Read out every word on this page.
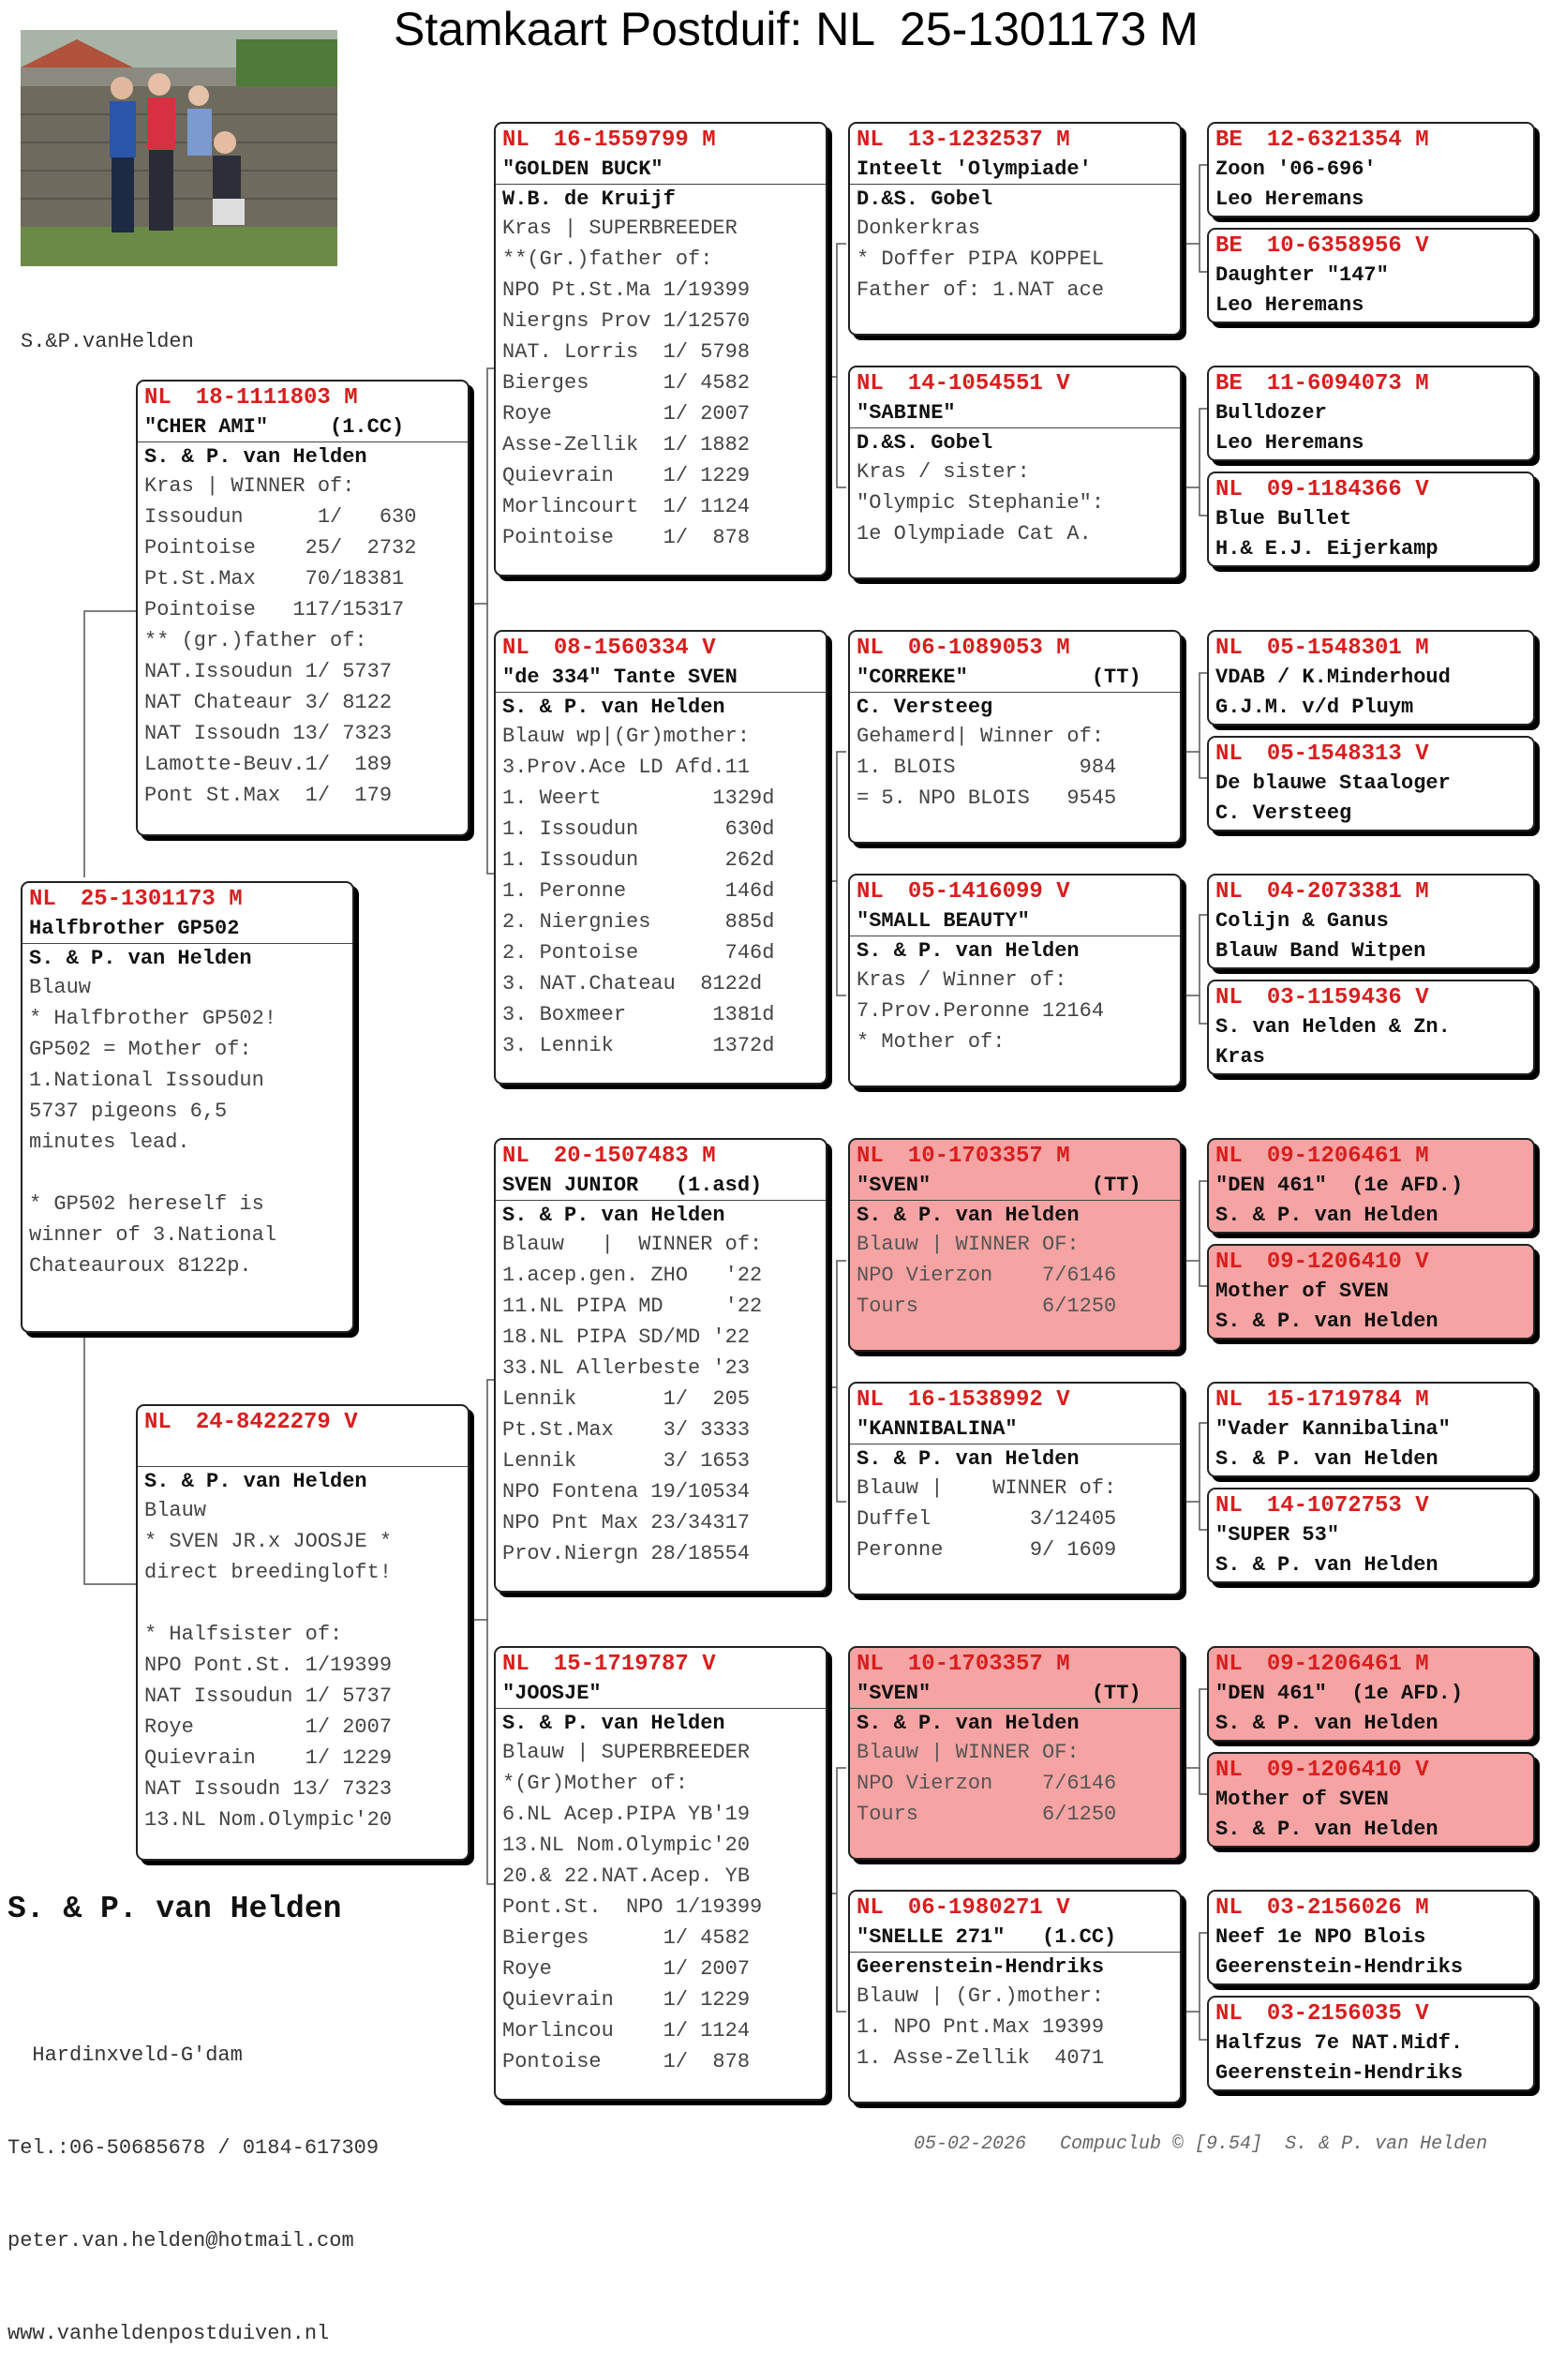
Stamkaart Postduif: NL  25-1301173 M
S.&P.vanHelden
NL 25-1301173 M
Halfbrother GP502
S. & P. van Helden
Blauw
* Halfbrother GP502!
GP502 = Mother of:
1.National Issoudun
5737 pigeons 6,5
minutes lead.
* GP502 hereself is
winner of 3.National
Chateauroux 8122p.
NL 18-1111803 M
"CHER AMI"     (1.CC)
S. & P. van Helden
Kras | WINNER of:
Issoudun      1/   630
Pointoise    25/  2732
Pt.St.Max    70/18381
Pointoise   117/15317
** (gr.)father of:
NAT.Issoudun 1/ 5737
NAT Chateaur 3/ 8122
NAT Issoudn 13/ 7323
Lamotte-Beuv.1/  189
Pont St.Max  1/  179
NL 24-8422279 V
S. & P. van Helden
Blauw
* SVEN JR.x JOOSJE *
direct breedingloft!
* Halfsister of:
NPO Pont.St. 1/19399
NAT Issoudun 1/ 5737
Roye         1/ 2007
Quievrain    1/ 1229
NAT Issoudn 13/ 7323
13.NL Nom.Olympic'20
NL 16-1559799 M
"GOLDEN BUCK"
W.B. de Kruijf
Kras | SUPERBREEDER
**(Gr.)father of:
NPO Pt.St.Ma 1/19399
Niergns Prov 1/12570
NAT. Lorris  1/ 5798
Bierges      1/ 4582
Roye         1/ 2007
Asse-Zellik  1/ 1882
Quievrain    1/ 1229
Morlincourt  1/ 1124
Pointoise    1/  878
NL 08-1560334 V
"de 334" Tante SVEN
S. & P. van Helden
Blauw wp|(Gr)mother:
3.Prov.Ace LD Afd.11
1. Weert         1329d
1. Issoudun       630d
1. Issoudun       262d
1. Peronne        146d
2. Niergnies      885d
2. Pontoise       746d
3. NAT.Chateau  8122d
3. Boxmeer       1381d
3. Lennik        1372d
NL 20-1507483 M
SVEN JUNIOR   (1.asd)
S. & P. van Helden
Blauw   |  WINNER of:
1.acep.gen. ZHO   '22
11.NL PIPA MD     '22
18.NL PIPA SD/MD '22
33.NL Allerbeste '23
Lennik       1/  205
Pt.St.Max    3/ 3333
Lennik       3/ 1653
NPO Fontena 19/10534
NPO Pnt Max 23/34317
Prov.Niergn 28/18554
NL 15-1719787 V
"JOOSJE"
S. & P. van Helden
Blauw | SUPERBREEDER
*(Gr)Mother of:
6.NL Acep.PIPA YB'19
13.NL Nom.Olympic'20
20.& 22.NAT.Acep. YB
Pont.St.  NPO 1/19399
Bierges      1/ 4582
Roye         1/ 2007
Quievrain    1/ 1229
Morlincou    1/ 1124
Pontoise     1/  878
NL 13-1232537 M
Inteelt 'Olympiade'
D.&S. Gobel
Donkerkras
* Doffer PIPA KOPPEL
Father of: 1.NAT ace
NL 14-1054551 V
"SABINE"
D.&S. Gobel
Kras / sister:
"Olympic Stephanie":
1e Olympiade Cat A.
NL 06-1089053 M
"CORREKE"          (TT)
C. Versteeg
Gehamerd| Winner of:
1. BLOIS          984
= 5. NPO BLOIS   9545
NL 05-1416099 V
"SMALL BEAUTY"
S. & P. van Helden
Kras / Winner of:
7.Prov.Peronne 12164
* Mother of:
NL 10-1703357 M
"SVEN"             (TT)
S. & P. van Helden
Blauw | WINNER OF:
NPO Vierzon    7/6146
Tours          6/1250
NL 16-1538992 V
"KANNIBALINA"
S. & P. van Helden
Blauw |    WINNER of:
Duffel        3/12405
Peronne       9/ 1609
NL 10-1703357 M
"SVEN"             (TT)
S. & P. van Helden
Blauw | WINNER OF:
NPO Vierzon    7/6146
Tours          6/1250
NL 06-1980271 V
"SNELLE 271"   (1.CC)
Geerenstein-Hendriks
Blauw | (Gr.)mother:
1. NPO Pnt.Max 19399
1. Asse-Zellik  4071
BE 12-6321354 M
Zoon '06-696'
Leo Heremans
BE 10-6358956 V
Daughter "147"
Leo Heremans
BE 11-6094073 M
Bulldozer
Leo Heremans
NL 09-1184366 V
Blue Bullet
H.& E.J. Eijerkamp
NL 05-1548301 M
VDAB / K.Minderhoud
G.J.M. v/d Pluym
NL 05-1548313 V
De blauwe Staaloger
C. Versteeg
NL 04-2073381 M
Colijn & Ganus
Blauw Band Witpen
NL 03-1159436 V
S. van Helden & Zn.
Kras
NL 09-1206461 M
"DEN 461"  (1e AFD.)
S. & P. van Helden
NL 09-1206410 V
Mother of SVEN
S. & P. van Helden
NL 15-1719784 M
"Vader Kannibalina"
S. & P. van Helden
NL 14-1072753 V
"SUPER 53"
S. & P. van Helden
NL 09-1206461 M
"DEN 461"  (1e AFD.)
S. & P. van Helden
NL 09-1206410 V
Mother of SVEN
S. & P. van Helden
NL 03-2156026 M
Neef 1e NPO Blois
Geerenstein-Hendriks
NL 03-2156035 V
Halfzus 7e NAT.Midf.
Geerenstein-Hendriks
S. & P. van Helden

Hardinxveld-G'dam

Tel.:06-50685678 / 0184-617309

peter.van.helden@hotmail.com

www.vanheldenpostduiven.nl

05-02-2026   Compuclub © [9.54]  S. & P. van Helden
